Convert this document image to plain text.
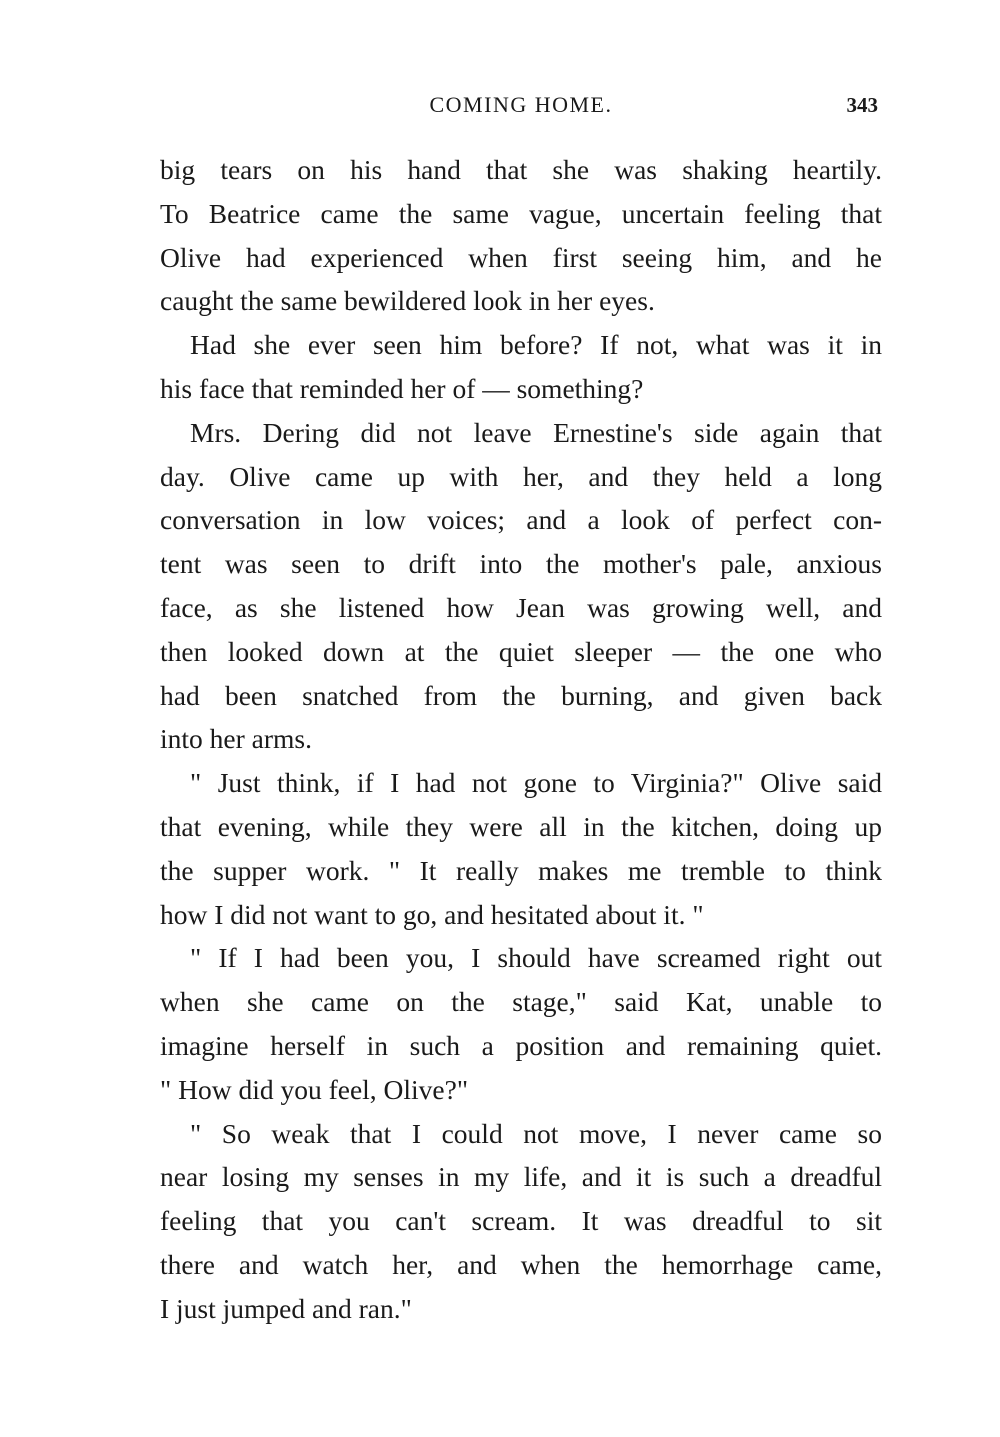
COMING HOME.	343

big tears on his hand that she was shaking heartily.
To Beatrice came the same vague, uncertain feeling that
Olive had experienced when first seeing him, and he
caught the same bewildered look in her eyes.

Had she ever seen him before? If not, what was it in
his face that reminded her of — something?

Mrs. Dering did not leave Ernestine's side again that
day. Olive came up with her, and they held a long
conversation in low voices; and a look of perfect con-
tent was seen to drift into the mother's pale, anxious
face, as she listened how Jean was growing well, and
then looked down at the quiet sleeper — the one who
had been snatched from the burning, and given back
into her arms.

" Just think, if I had not gone to Virginia?" Olive said
that evening, while they were all in the kitchen, doing up
the supper work. " It really makes me tremble to think
how I did not want to go, and hesitated about it. "

" If I had been you, I should have screamed right out
when she came on the stage," said Kat, unable to
imagine herself in such a position and remaining quiet.
" How did you feel, Olive?"

" So weak that I could not move, I never came so
near losing my senses in my life, and it is such a dreadful
feeling that you can't scream. It was dreadful to sit
there and watch her, and when the hemorrhage came,
I just jumped and ran."
